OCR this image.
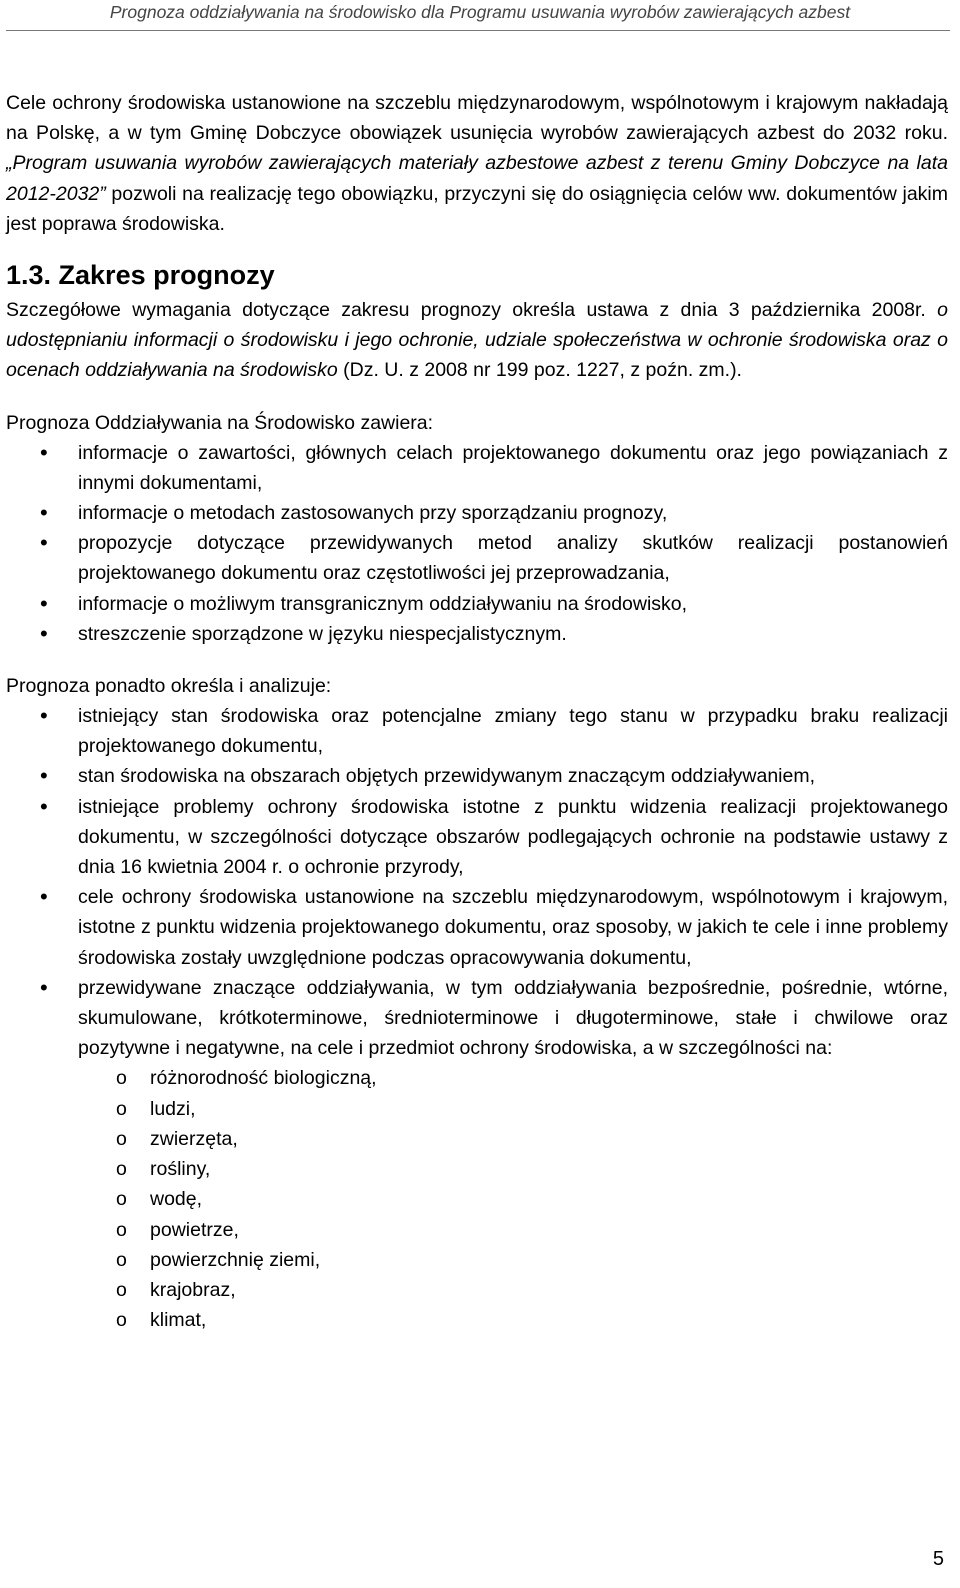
Prognoza oddziaływania na środowisko dla Programu usuwania wyrobów zawierających azbest

Cele ochrony środowiska ustanowione na szczeblu międzynarodowym, wspólnotowym i krajowym nakładają na Polskę, a w tym Gminę Dobczyce obowiązek usunięcia wyrobów zawierających azbest do 2032 roku. „Program usuwania wyrobów zawierających materiały azbestowe azbest z terenu Gminy Dobczyce na lata 2012-2032” pozwoli na realizację tego obowiązku, przyczyni się do osiągnięcia celów ww. dokumentów jakim jest poprawa środowiska.

1.3. Zakres prognozy

Szczegółowe wymagania dotyczące zakresu prognozy określa ustawa z dnia 3 października 2008r. o udostępnianiu informacji o środowisku i jego ochronie, udziale społeczeństwa w ochronie środowiska oraz o ocenach oddziaływania na środowisko (Dz. U. z 2008 nr 199 poz. 1227, z poźn. zm.).

Prognoza Oddziaływania na Środowisko zawiera:

• informacje o zawartości, głównych celach projektowanego dokumentu oraz jego powiązaniach z innymi dokumentami,
• informacje o metodach zastosowanych przy sporządzaniu prognozy,
• propozycje dotyczące przewidywanych metod analizy skutków realizacji postanowień projektowanego dokumentu oraz częstotliwości jej przeprowadzania,
• informacje o możliwym transgranicznym oddziaływaniu na środowisko,
• streszczenie sporządzone w języku niespecjalistycznym.

Prognoza ponadto określa i analizuje:

• istniejący stan środowiska oraz potencjalne zmiany tego stanu w przypadku braku realizacji projektowanego dokumentu,
• stan środowiska na obszarach objętych przewidywanym znaczącym oddziaływaniem,
• istniejące problemy ochrony środowiska istotne z punktu widzenia realizacji projektowanego dokumentu, w szczególności dotyczące obszarów podlegających ochronie na podstawie ustawy z dnia 16 kwietnia 2004 r. o ochronie przyrody,
• cele ochrony środowiska ustanowione na szczeblu międzynarodowym, wspólnotowym i krajowym, istotne z punktu widzenia projektowanego dokumentu, oraz sposoby, w jakich te cele i inne problemy środowiska zostały uwzględnione podczas opracowywania dokumentu,
• przewidywane znaczące oddziaływania, w tym oddziaływania bezpośrednie, pośrednie, wtórne, skumulowane, krótkoterminowe, średnioterminowe i długoterminowe, stałe i chwilowe oraz pozytywne i negatywne, na cele i przedmiot ochrony środowiska, a w szczególności na:
o różnorodność biologiczną,
o ludzi,
o zwierzęta,
o rośliny,
o wodę,
o powietrze,
o powierzchnię ziemi,
o krajobraz,
o klimat,
5
